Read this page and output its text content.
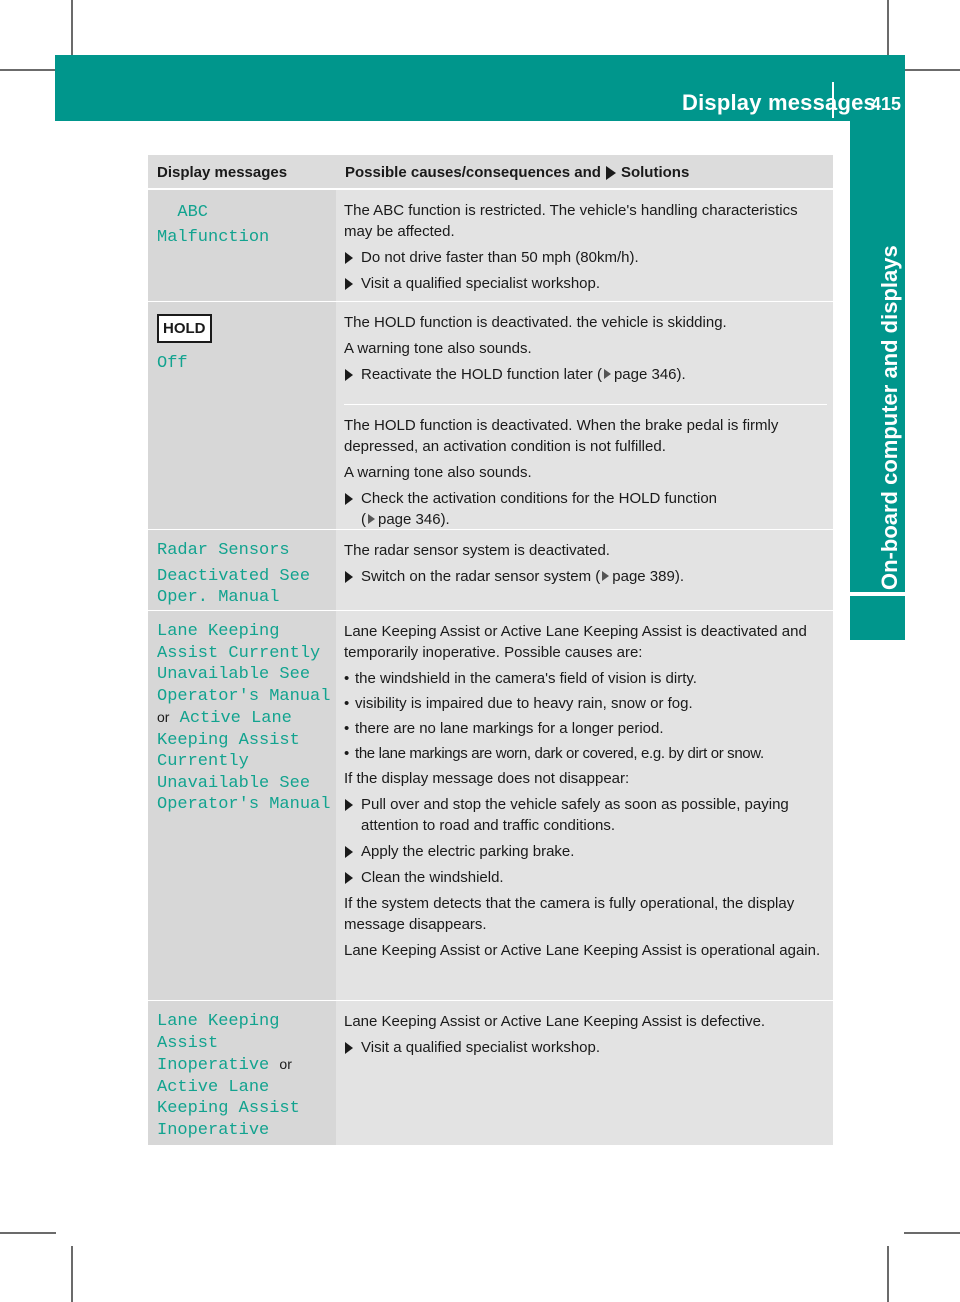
Display messages
415
On-board computer and displays
Display messages	Possible causes/consequences and Solutions
ABC
Malfunction
The ABC function is restricted. The vehicle's handling characteristics may be affected.
Do not drive faster than 50 mph (80km/h).
Visit a qualified specialist workshop.
HOLD
Off
The HOLD function is deactivated. the vehicle is skidding.
A warning tone also sounds.
Reactivate the HOLD function later ( page 346).
The HOLD function is deactivated. When the brake pedal is firmly depressed, an activation condition is not fulfilled.
A warning tone also sounds.
Check the activation conditions for the HOLD function
( page 346).
Radar Sensors
Deactivated See
Oper. Manual
The radar sensor system is deactivated.
Switch on the radar sensor system ( page 389).
Lane Keeping
Assist Currently
Unavailable See
Operator's Manual
or Active Lane
Keeping Assist
Currently
Unavailable See
Operator's Manual
Lane Keeping Assist or Active Lane Keeping Assist is deactivated and temporarily inoperative. Possible causes are:
• the windshield in the camera's field of vision is dirty.
• visibility is impaired due to heavy rain, snow or fog.
• there are no lane markings for a longer period.
• the lane markings are worn, dark or covered, e.g. by dirt or snow.
If the display message does not disappear:
Pull over and stop the vehicle safely as soon as possible, paying attention to road and traffic conditions.
Apply the electric parking brake.
Clean the windshield.
If the system detects that the camera is fully operational, the display message disappears.
Lane Keeping Assist or Active Lane Keeping Assist is operational again.
Lane Keeping
Assist
Inoperative or
Active Lane
Keeping Assist
Inoperative
Lane Keeping Assist or Active Lane Keeping Assist is defective.
Visit a qualified specialist workshop.
